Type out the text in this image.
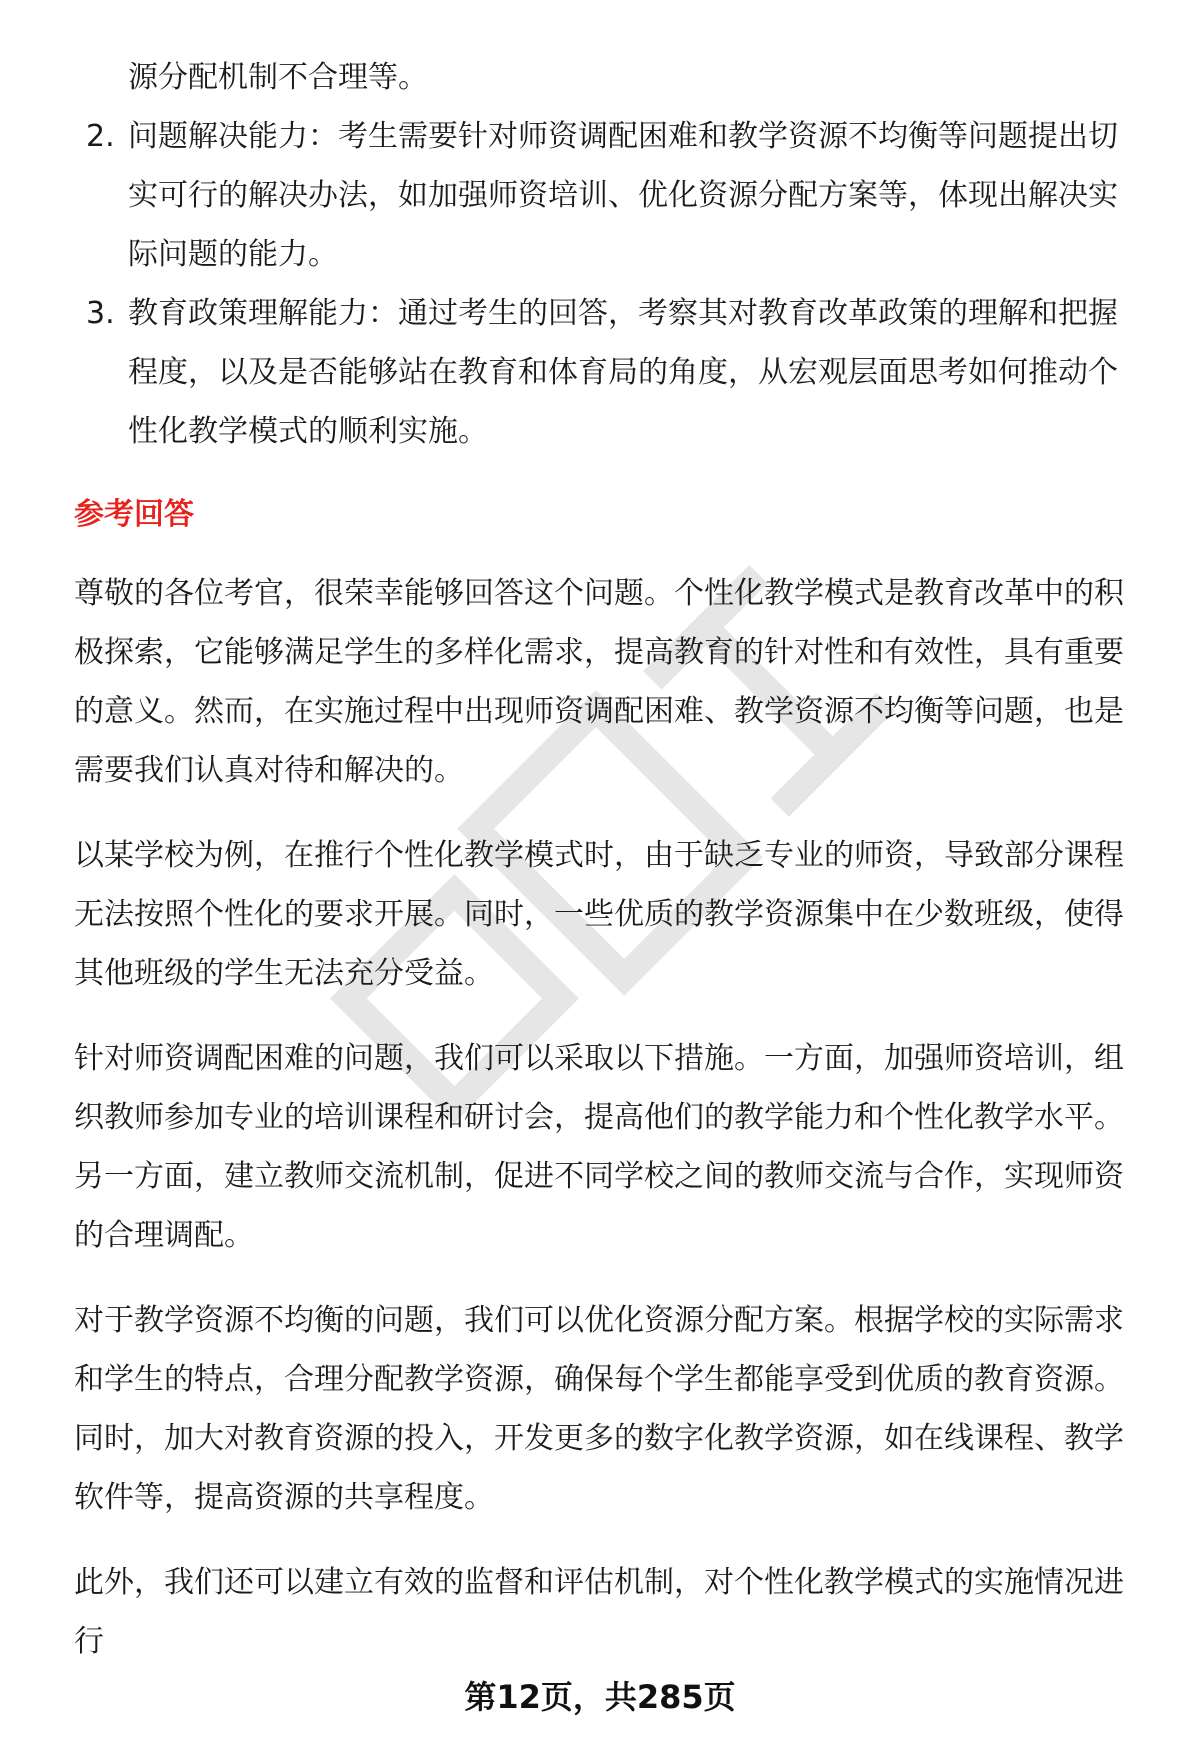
源分配机制不合理等。

2. 问题解决能力：考生需要针对师资调配困难和教学资源不均衡等问题提出切实可行的解决办法，如加强师资培训、优化资源分配方案等，体现出解决实际问题的能力。
3. 教育政策理解能力：通过考生的回答，考察其对教育改革政策的理解和把握程度，以及是否能够站在教育和体育局的角度，从宏观层面思考如何推动个性化教学模式的顺利实施。
参考回答

尊敬的各位考官，很荣幸能够回答这个问题。个性化教学模式是教育改革中的积极探索，它能够满足学生的多样化需求，提高教育的针对性和有效性，具有重要的意义。然而，在实施过程中出现师资调配困难、教学资源不均衡等问题，也是需要我们认真对待和解决的。

以某学校为例，在推行个性化教学模式时，由于缺乏专业的师资，导致部分课程无法按照个性化的要求开展。同时，一些优质的教学资源集中在少数班级，使得其他班级的学生无法充分受益。

针对师资调配困难的问题，我们可以采取以下措施。一方面，加强师资培训，组织教师参加专业的培训课程和研讨会，提高他们的教学能力和个性化教学水平。另一方面，建立教师交流机制，促进不同学校之间的教师交流与合作，实现师资的合理调配。

对于教学资源不均衡的问题，我们可以优化资源分配方案。根据学校的实际需求和学生的特点，合理分配教学资源，确保每个学生都能享受到优质的教育资源。同时，加大对教育资源的投入，开发更多的数字化教学资源，如在线课程、教学软件等，提高资源的共享程度。

此外，我们还可以建立有效的监督和评估机制，对个性化教学模式的实施情况进行

第12页，共285页
